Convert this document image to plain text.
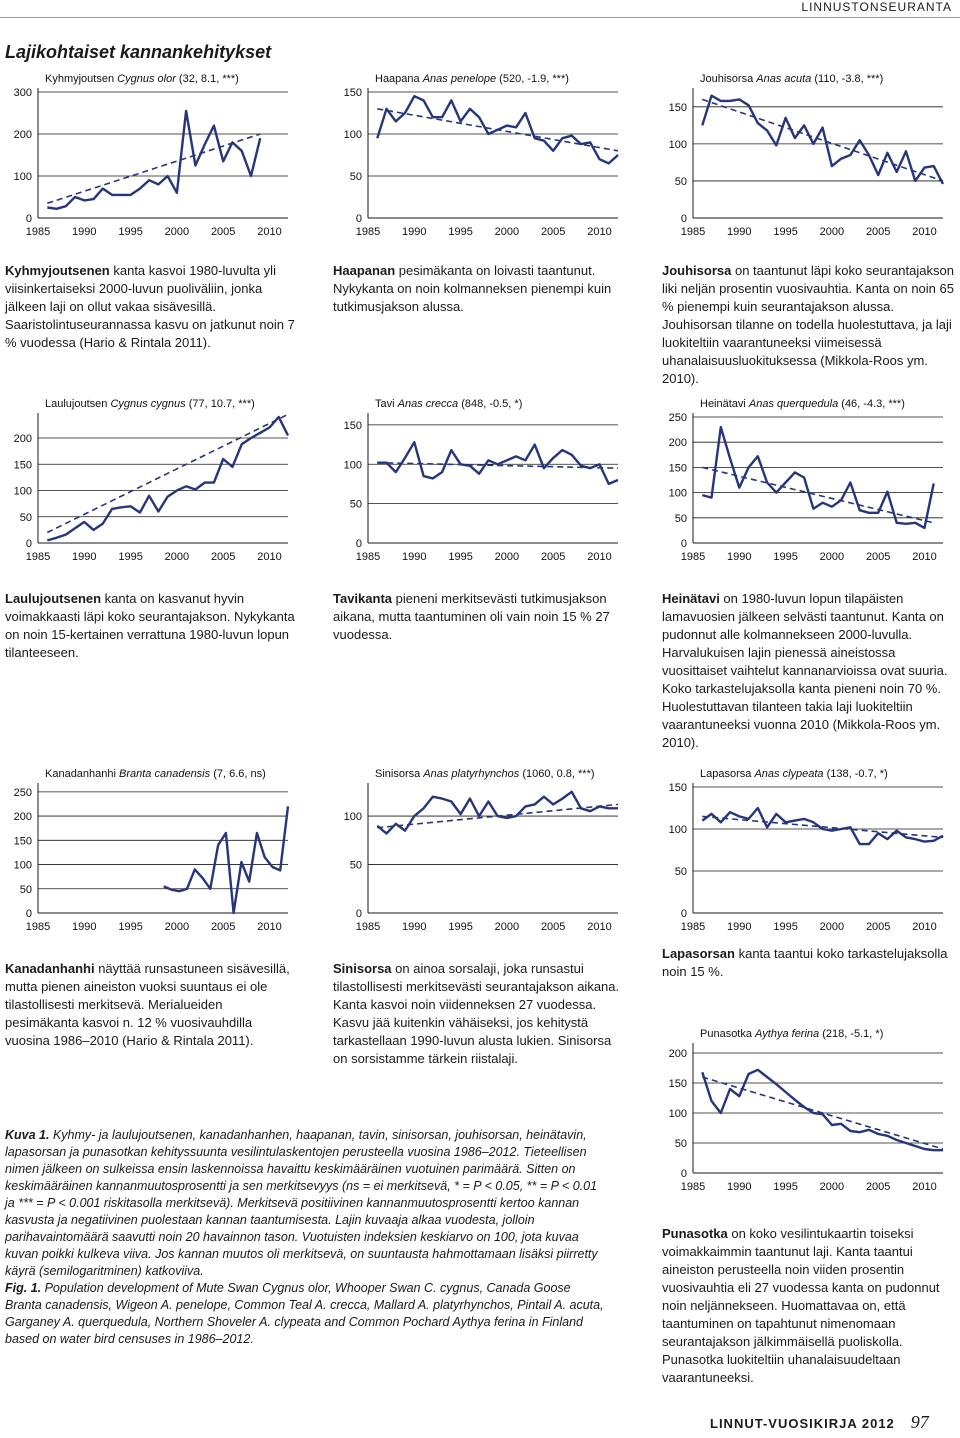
LINNUSTONSEURANTA
Lajikohtaiset kannankehitykset
Kyhmyjoutsen Cygnus olor (32, 8.1, ***)
0
100
200
300
1985 1990 1995 2000 2005 2010
Haapana Anas penelope (520, -1.9, ***)
0
50
100
150
1985 1990 1995 2000 2005 2010
Jouhisorsa Anas acuta (110, -3.8, ***)
0
50
100
150
1985 1990 1995 2000 2005 2010
Laulujoutsen Cygnus cygnus (77, 10.7, ***)
0
50
100
150
200
1985 1990 1995 2000 2005 2010
Tavi Anas crecca (848, -0.5, *)
0
50
100
150
1985 1990 1995 2000 2005 2010
Heinätavi Anas querquedula (46, -4.3, ***)
0
50
100
150
200
250
1985 1990 1995 2000 2005 2010
Kanadanhanhi Branta canadensis (7, 6.6, ns)
0
50
100
150
200
250
1985 1990 1995 2000 2005 2010
Sinisorsa Anas platyrhynchos (1060, 0.8, ***)
0
50
100
1985 1990 1995 2000 2005 2010
Lapasorsa Anas clypeata (138, -0.7, *)
0
50
100
150
1985 1990 1995 2000 2005 2010
Punasotka Aythya ferina (218, -5.1, *)
0
50
100
150
200
1985 1990 1995 2000 2005 2010
Kyhmyjoutsenen kanta kasvoi 1980-luvulta yli viisinkertaiseksi 2000-luvun puoliväliin, jonka jälkeen laji on ollut vakaa sisävesillä. Saaristolintuseurannassa kasvu on jatkunut noin 7 % vuodessa (Hario & Rintala 2011).
Haapanan pesimäkanta on loivasti taantunut. Nykykanta on noin kolmanneksen pienempi kuin tutkimusjakson alussa.
Jouhisorsa on taantunut läpi koko seurantajakson liki neljän prosentin vuosivauhtia. Kanta on noin 65 % pienempi kuin seurantajakson alussa. Jouhisorsan tilanne on todella huolestuttava, ja laji luokiteltiin vaarantuneeksi viimeisessä uhanalaisuusluokituksessa (Mikkola-Roos ym. 2010).
Laulujoutsenen kanta on kasvanut hyvin voimakkaasti läpi koko seurantajakson. Nykykanta on noin 15-kertainen verrattuna 1980-luvun lopun tilanteeseen.
Tavikanta pieneni merkitsevästi tutkimusjakson aikana, mutta taantuminen oli vain noin 15 % 27 vuodessa.
Heinätavi on 1980-luvun lopun tilapäisten lamavuosien jälkeen selvästi taantunut. Kanta on pudonnut alle kolmannekseen 2000-luvulla. Harvalukuisen lajin pienessä aineistossa vuosittaiset vaihtelut kannanarvioissa ovat suuria. Koko tarkastelujaksolla kanta pieneni noin 70 %. Huolestuttavan tilanteen takia laji luokiteltiin vaarantuneeksi vuonna 2010 (Mikkola-Roos ym. 2010).
Kanadanhanhi näyttää runsastuneen sisävesillä, mutta pienen aineiston vuoksi suuntaus ei ole tilastollisesti merkitsevä. Merialueiden pesimäkanta kasvoi n. 12 % vuosivauhdilla vuosina 1986–2010 (Hario & Rintala 2011).
Sinisorsa on ainoa sorsalaji, joka runsastui tilastollisesti merkitsevästi seurantajakson aikana. Kanta kasvoi noin viidenneksen 27 vuodessa. Kasvu jää kuitenkin vähäiseksi, jos kehitystä tarkastellaan 1990-luvun alusta lukien. Sinisorsa on sorsistamme tärkein riistalaji.
Lapasorsan kanta taantui koko tarkastelujaksolla noin 15 %.
Punasotka on koko vesilintukaartin toiseksi voimakkaimmin taantunut laji. Kanta taantui aineiston perusteella noin viiden prosentin vuosivauhtia eli 27 vuodessa kanta on pudonnut noin neljännekseen. Huomattavaa on, että taantuminen on tapahtunut nimenomaan seurantajakson jälkimmäisellä puoliskolla. Punasotka luokiteltiin uhanalaisuudeltaan vaarantuneeksi.
Kuva 1. Kyhmy- ja laulujoutsenen, kanadanhanhen, haapanan, tavin, sinisorsan, jouhisorsan, heinätavin, lapasorsan ja punasotkan kehityssuunta vesilintulaskentojen perusteella vuosina 1986–2012. Tieteellisen nimen jälkeen on sulkeissa ensin laskennoissa havaittu keskimääräinen vuotuinen parimäärä. Sitten on keskimääräinen kannanmuutosprosentti ja sen merkitsevyys (ns = ei merkitsevä, * = P < 0.05, ** = P < 0.01 ja *** = P < 0.001 riskitasolla merkitsevä). Merkitsevä positiivinen kannanmuutosprosentti kertoo kannan kasvusta ja negatiivinen puolestaan kannan taantumisesta. Lajin kuvaaja alkaa vuodesta, jolloin parihavaintomäärä saavutti noin 20 havainnon tason. Vuotuisten indeksien keskiarvo on 100, jota kuvaa kuvan poikki kulkeva viiva. Jos kannan muutos oli merkitsevä, on suuntausta hahmottamaan lisäksi piirretty käyrä (semilogaritminen) katkoviiva.
Fig. 1. Population development of Mute Swan Cygnus olor, Whooper Swan C. cygnus, Canada Goose Branta canadensis, Wigeon A. penelope, Common Teal A. crecca, Mallard A. platyrhynchos, Pintail A. acuta, Garganey A. querquedula, Northern Shoveler A. clypeata and Common Pochard Aythya ferina in Finland based on water bird censuses in 1986–2012.
LINNUT-VUOSIKIRJA 2012 97
